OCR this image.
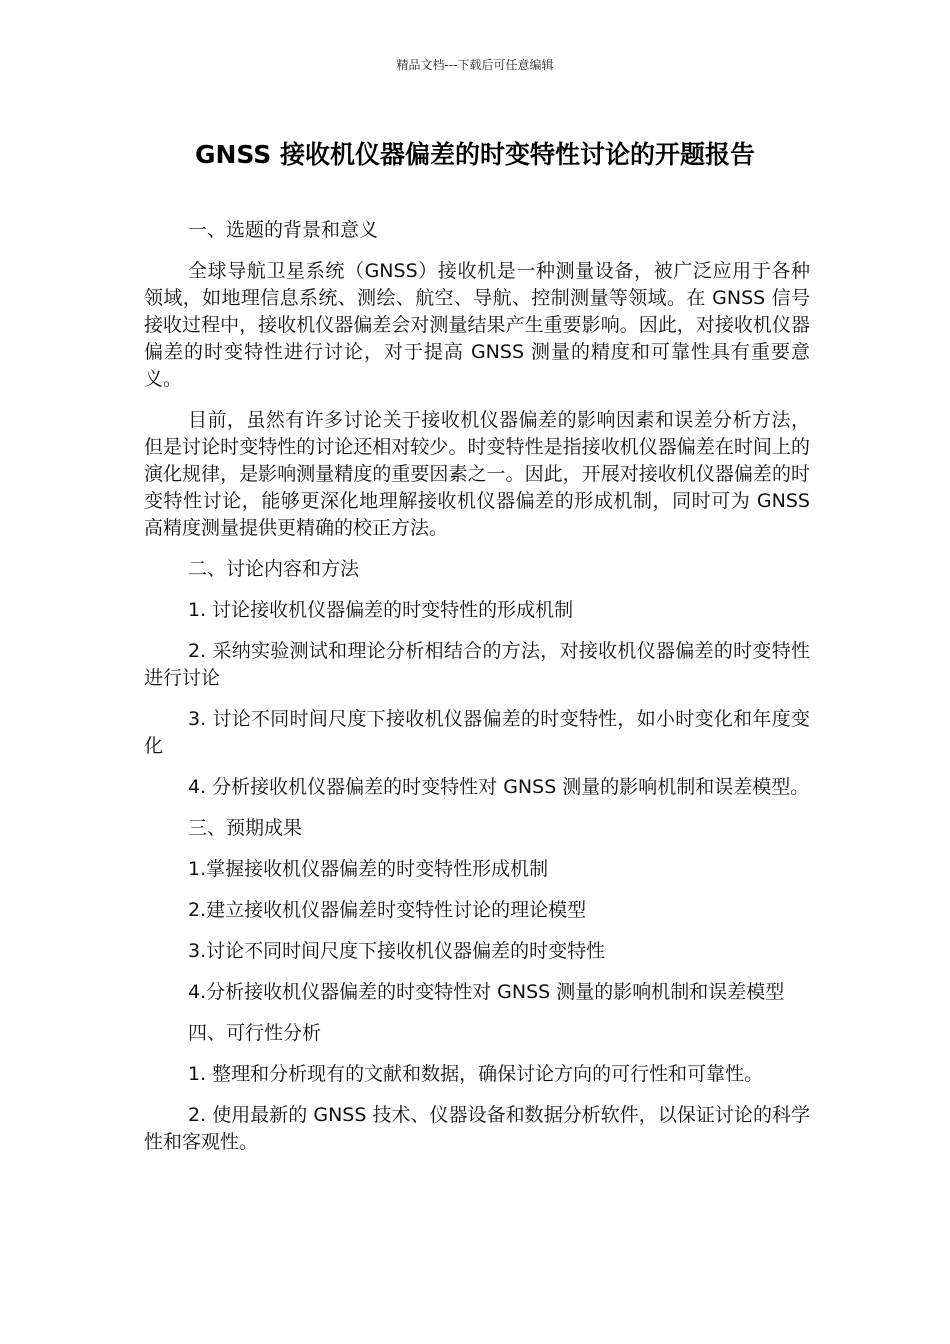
精品文档---下载后可任意编辑
GNSS 接收机仪器偏差的时变特性讨论的开题报告

一、选题的背景和意义

全球导航卫星系统（GNSS）接收机是一种测量设备，被广泛应用于各种领域，如地理信息系统、测绘、航空、导航、控制测量等领域。在 GNSS 信号接收过程中，接收机仪器偏差会对测量结果产生重要影响。因此，对接收机仪器偏差的时变特性进行讨论，对于提高 GNSS 测量的精度和可靠性具有重要意义。

目前，虽然有许多讨论关于接收机仪器偏差的影响因素和误差分析方法，但是讨论时变特性的讨论还相对较少。时变特性是指接收机仪器偏差在时间上的演化规律，是影响测量精度的重要因素之一。因此，开展对接收机仪器偏差的时变特性讨论，能够更深化地理解接收机仪器偏差的形成机制，同时可为 GNSS 高精度测量提供更精确的校正方法。

二、讨论内容和方法

1. 讨论接收机仪器偏差的时变特性的形成机制

2. 采纳实验测试和理论分析相结合的方法，对接收机仪器偏差的时变特性进行讨论

3. 讨论不同时间尺度下接收机仪器偏差的时变特性，如小时变化和年度变化

4. 分析接收机仪器偏差的时变特性对 GNSS 测量的影响机制和误差模型。

三、预期成果

1.掌握接收机仪器偏差的时变特性形成机制

2.建立接收机仪器偏差时变特性讨论的理论模型

3.讨论不同时间尺度下接收机仪器偏差的时变特性

4.分析接收机仪器偏差的时变特性对 GNSS 测量的影响机制和误差模型

四、可行性分析

1. 整理和分析现有的文献和数据，确保讨论方向的可行性和可靠性。

2. 使用最新的 GNSS 技术、仪器设备和数据分析软件，以保证讨论的科学性和客观性。
